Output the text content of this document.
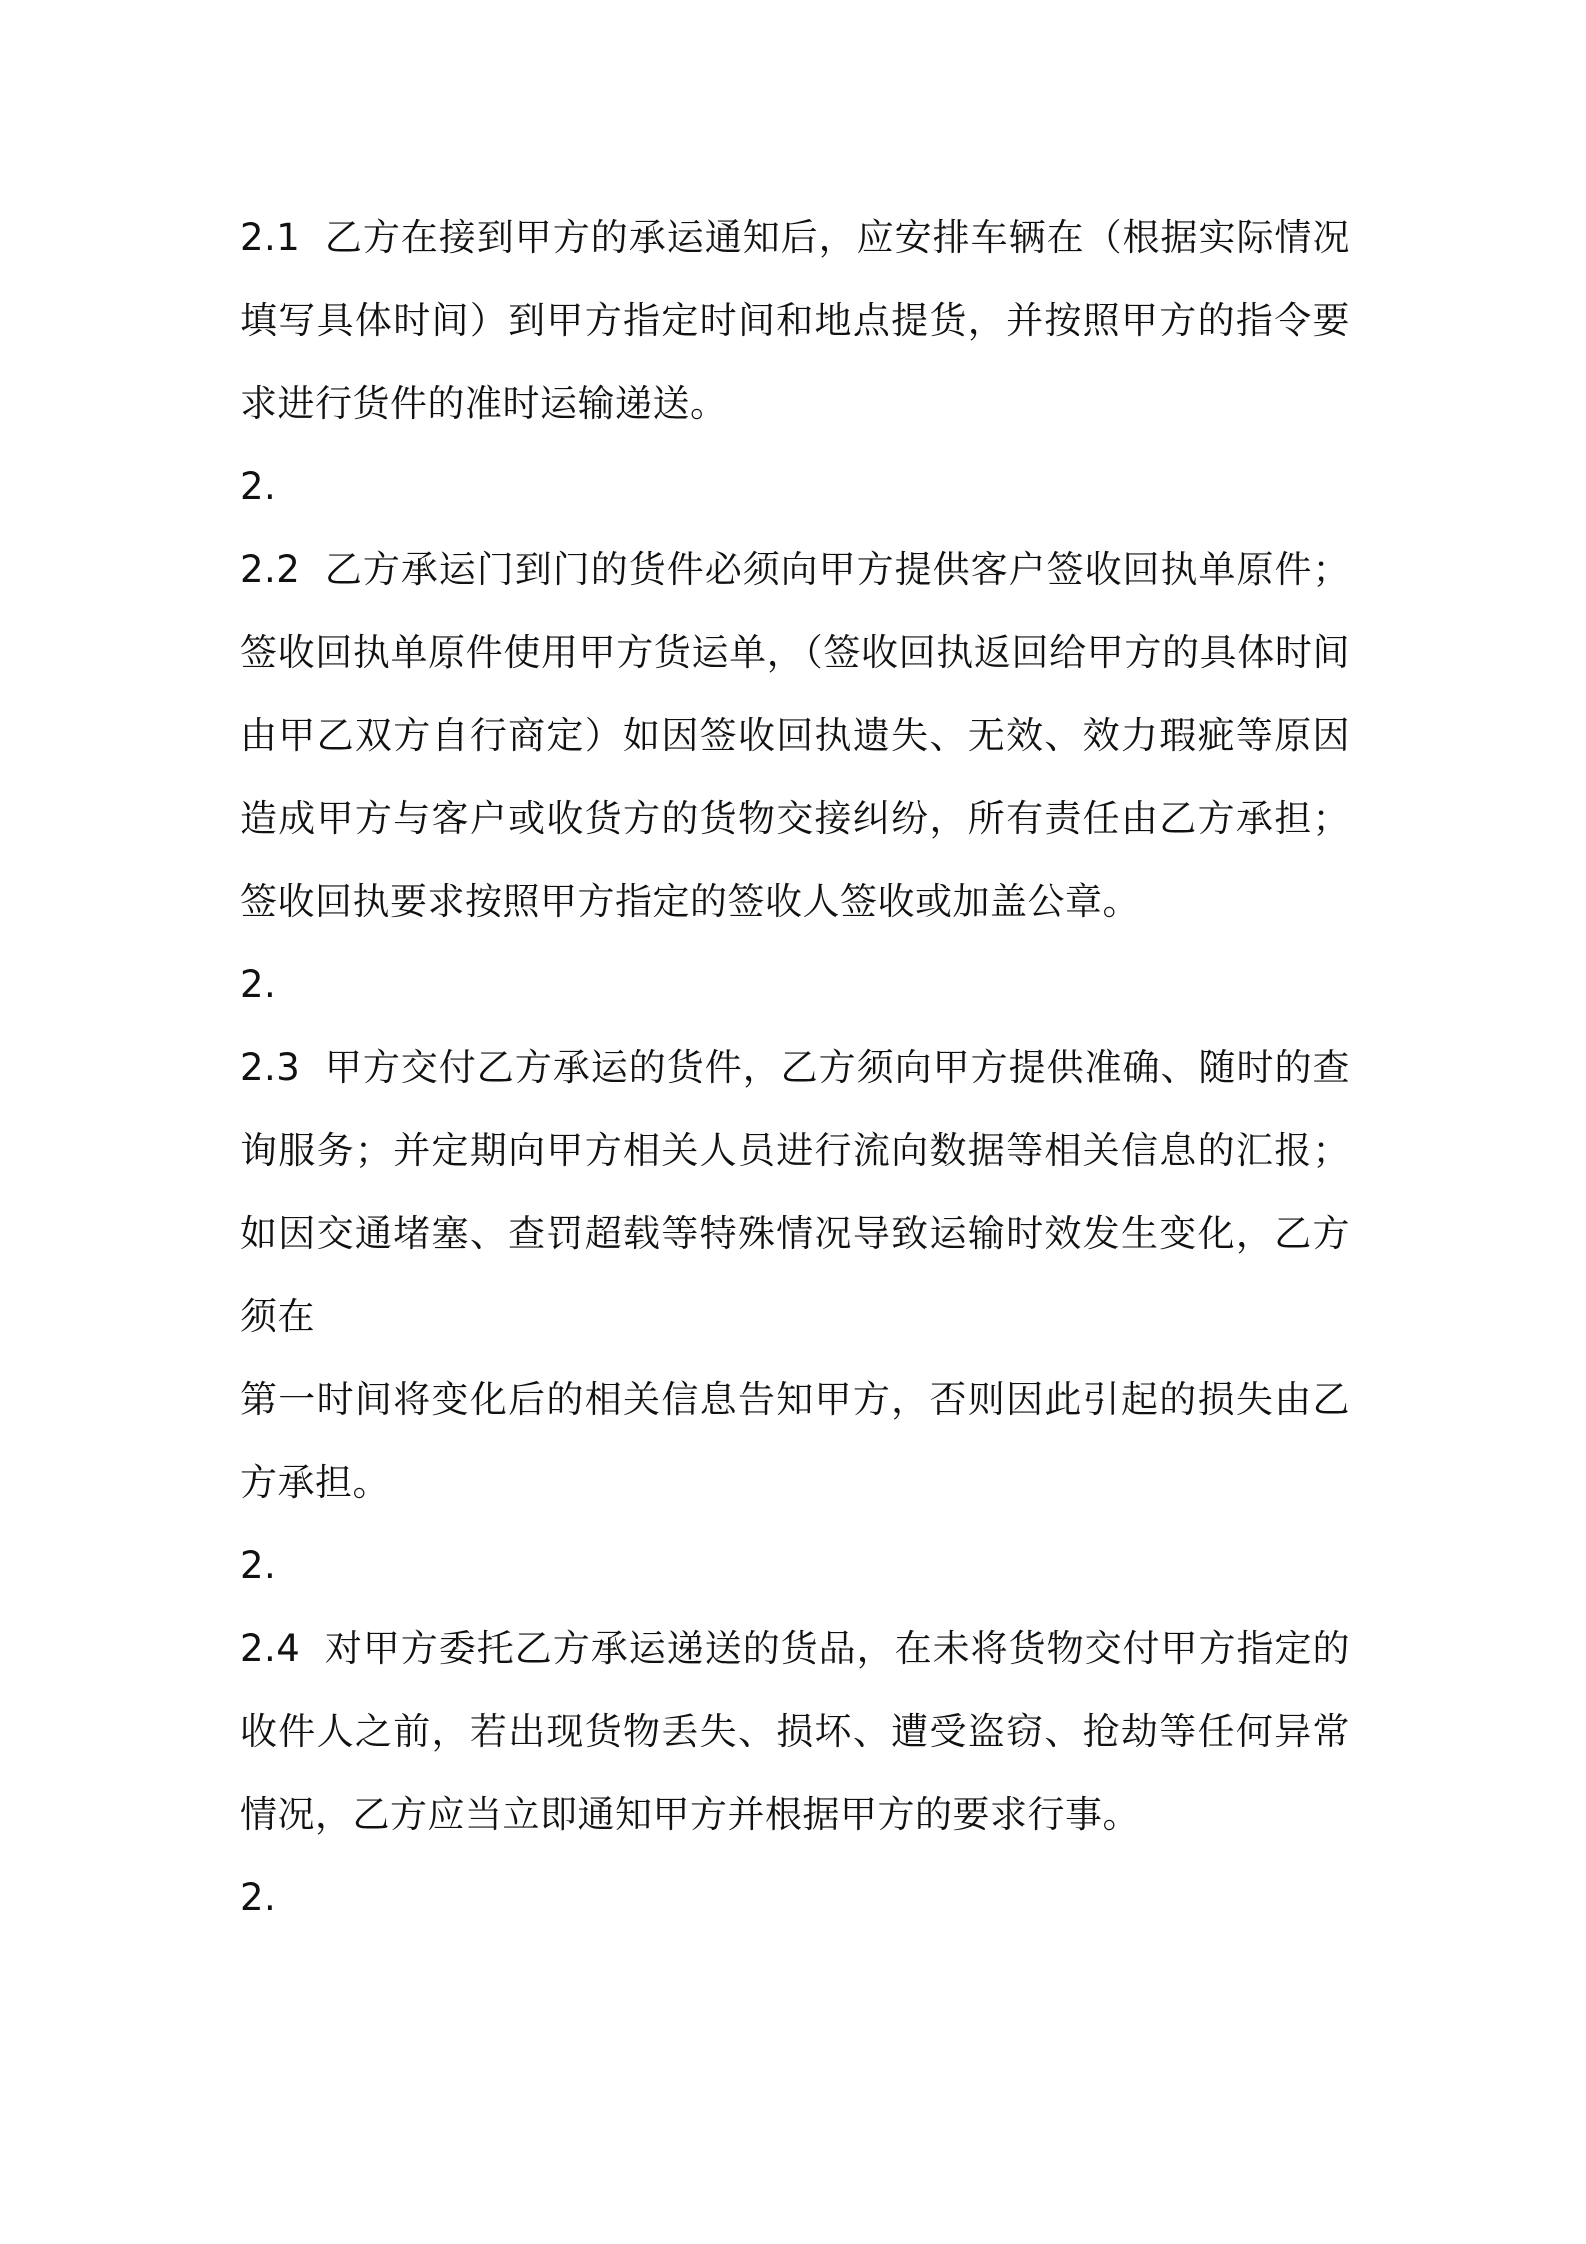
2.1 乙方在接到甲方的承运通知后，应安排车辆在（根据实际情况填写具体时间）到甲方指定时间和地点提货，并按照甲方的指令要求进行货件的准时运输递送。

2.

2.2 乙方承运门到门的货件必须向甲方提供客户签收回执单原件；签收回执单原件使用甲方货运单，（签收回执返回给甲方的具体时间由甲乙双方自行商定）如因签收回执遗失、无效、效力瑕疵等原因造成甲方与客户或收货方的货物交接纠纷，所有责任由乙方承担；签收回执要求按照甲方指定的签收人签收或加盖公章。

2.

2.3 甲方交付乙方承运的货件，乙方须向甲方提供准确、随时的查询服务；并定期向甲方相关人员进行流向数据等相关信息的汇报；如因交通堵塞、查罚超载等特殊情况导致运输时效发生变化，乙方须在

第一时间将变化后的相关信息告知甲方，否则因此引起的损失由乙方承担。

2.

2.4 对甲方委托乙方承运递送的货品，在未将货物交付甲方指定的收件人之前，若出现货物丢失、损坏、遭受盗窃、抢劫等任何异常情况，乙方应当立即通知甲方并根据甲方的要求行事。

2.
